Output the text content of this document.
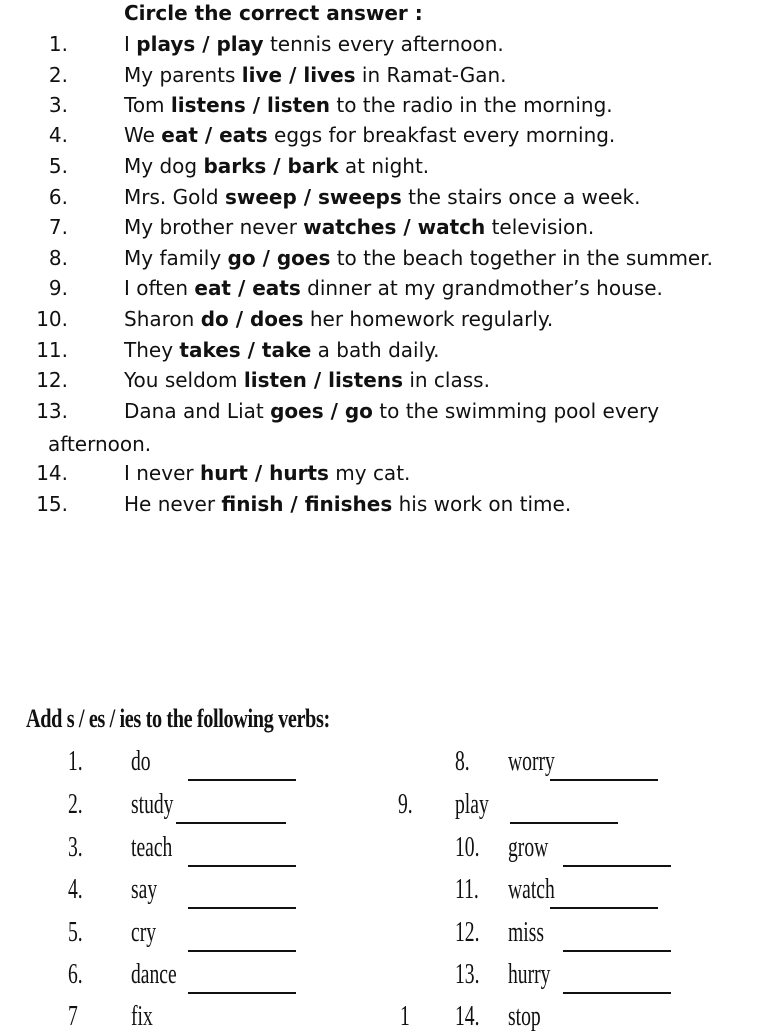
Circle the correct answer :
1.	I plays / play tennis every afternoon.
2.	My parents live / lives in Ramat-Gan.
3.	Tom listens / listen to the radio in the morning.
4.	We eat / eats eggs for breakfast every morning.
5.	My dog barks / bark at night.
6.	Mrs. Gold sweep / sweeps the stairs once a week.
7.	My brother never watches / watch television.
8.	My family go / goes to the beach together in the summer.
9.	I often eat / eats dinner at my grandmother’s house.
10.	Sharon do / does her homework regularly.
11.	They takes / take a bath daily.
12.	You seldom listen / listens in class.
13.	Dana and Liat goes / go to the swimming pool every
14.	I never hurt / hurts my cat.
15.	He never finish / finishes his work on time.
afternoon.
Add s / es / ies to the following verbs:
1. do
2. study
3. teach
4. say
5. cry
6. dance
7 fix
8. worry
9. play
10. grow
11. watch
12. miss
13. hurry
14. stop
1
